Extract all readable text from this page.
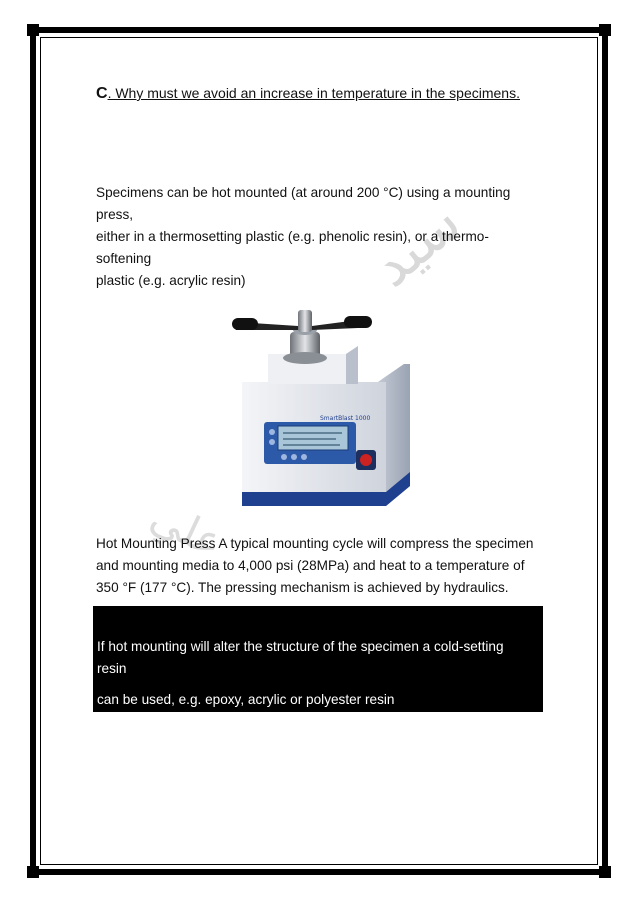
سيد
علي
C. Why must we avoid an increase in temperature in the specimens.
Specimens can be hot mounted (at around 200 °C) using a mounting
press,
either in a thermosetting plastic (e.g. phenolic resin), or a thermo-
softening
plastic (e.g. acrylic resin)
SmartBlast 1000
Hot Mounting Press A typical mounting cycle will compress the specimen
and mounting media to 4,000 psi (28MPa) and heat to a temperature of
350 °F (177 °C). The pressing mechanism is achieved by hydraulics.
If hot mounting will alter the structure of the specimen a cold-setting
resin
can be used, e.g. epoxy, acrylic or polyester resin
